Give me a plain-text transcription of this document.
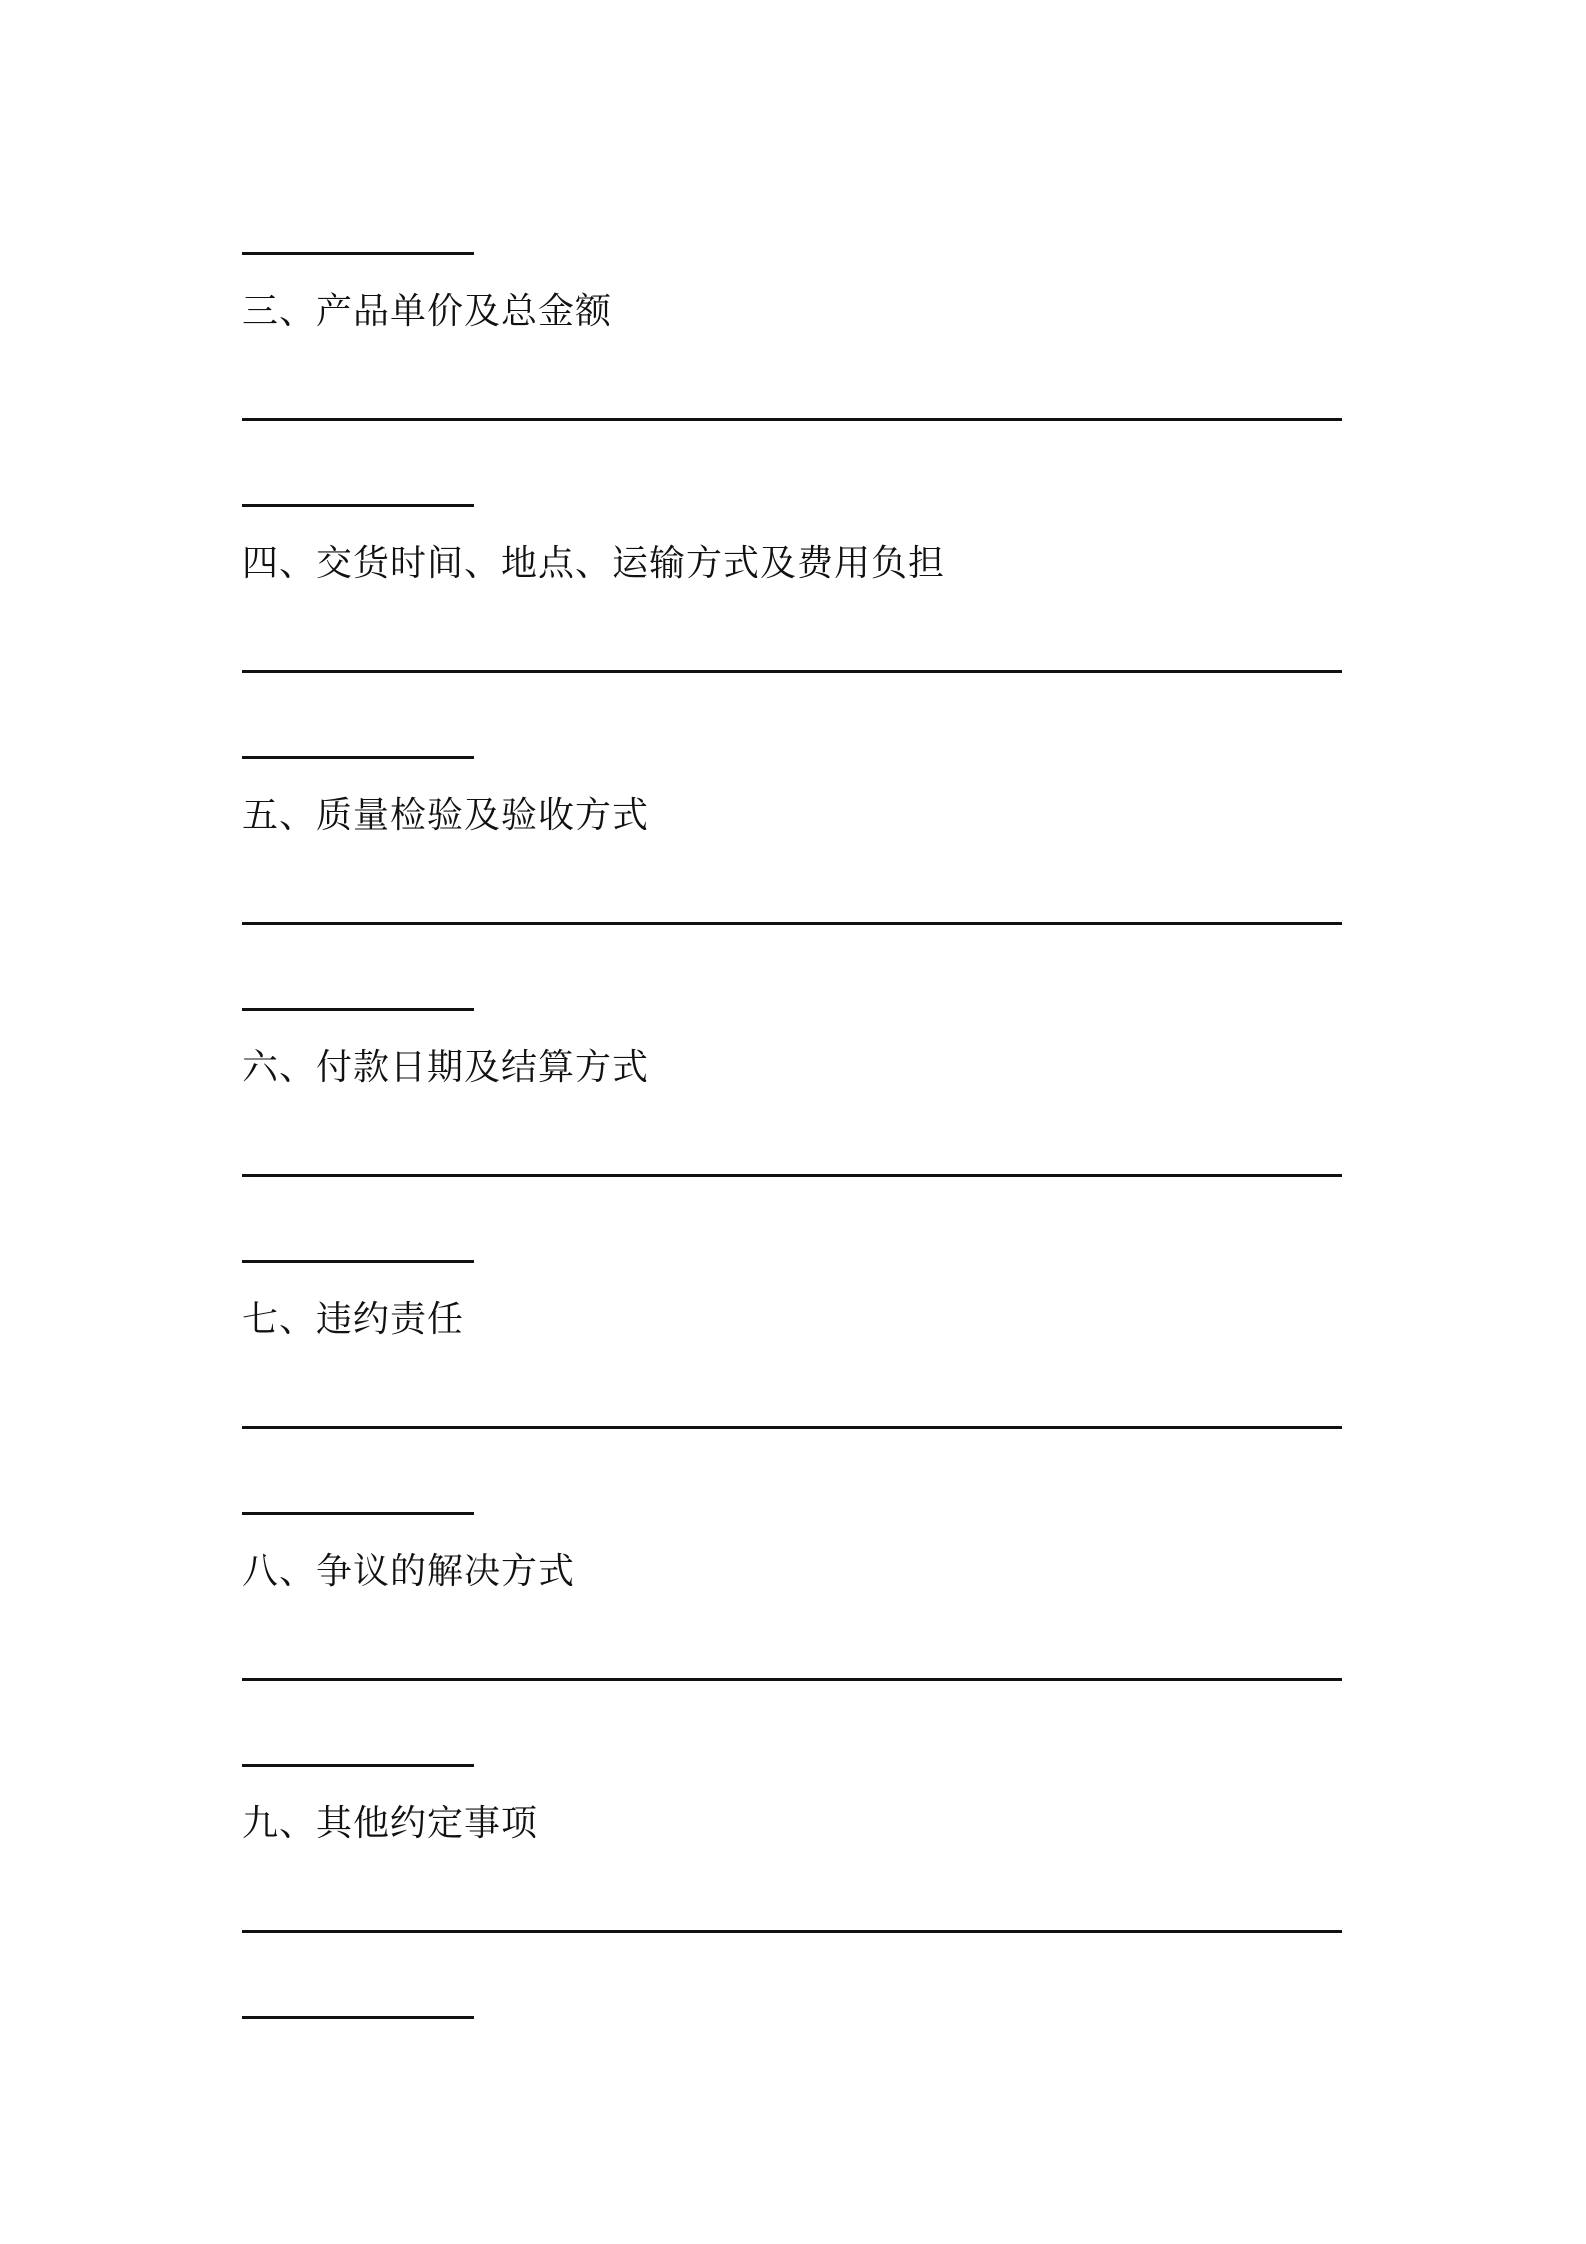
三、产品单价及总金额
四、交货时间、地点、运输方式及费用负担
五、质量检验及验收方式
六、付款日期及结算方式
七、违约责任
八、争议的解决方式
九、其他约定事项
